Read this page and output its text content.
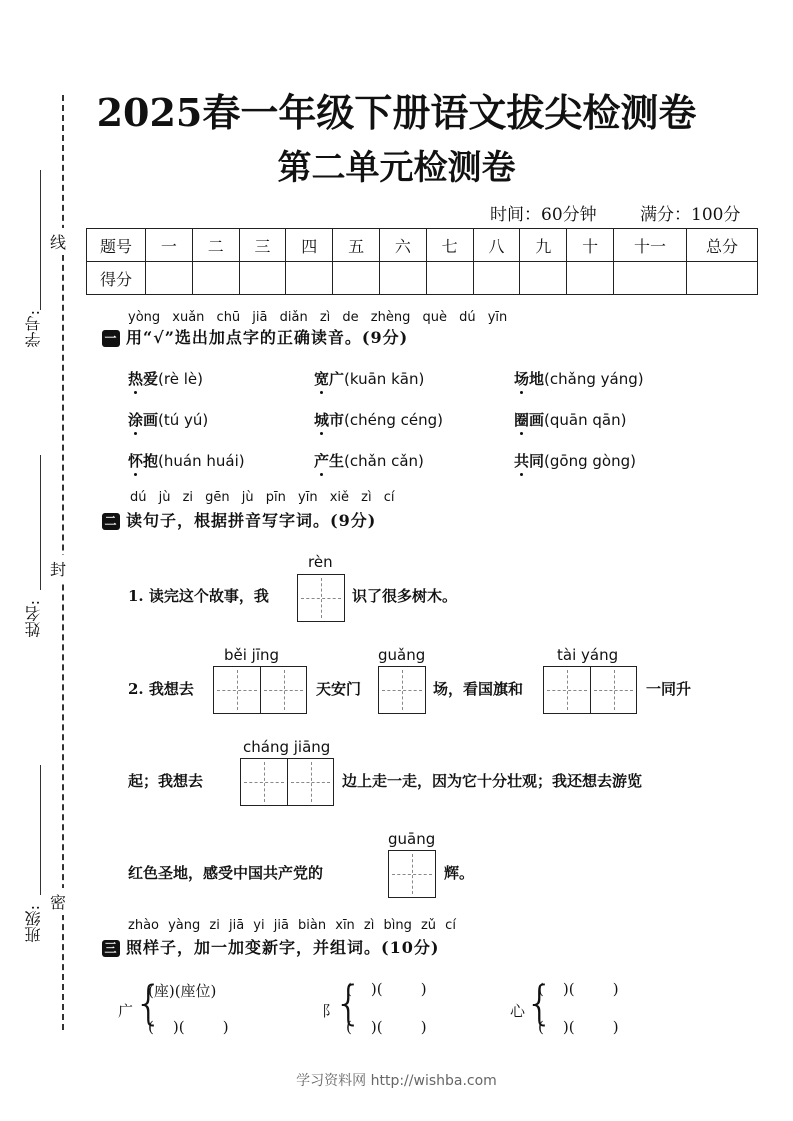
线
封
密
学号:
姓名:
班级:
2025春一年级下册语文拔尖检测卷
第二单元检测卷
时间：60分钟	满分：100分
题号	一	二	三	四	五	六	七	八	九	十	十一	总分
得分												
yòng xuǎn chū jiā diǎn zì de zhèng què dú yīn
一 用“√”选出加点字的正确读音。(9分)
热爱(rè lè)	宽广(kuān kān)	场地(chǎng yáng)
涂画(tú yú)	城市(chéng céng)	圈画(quān qān)
怀抱(huán huái)	产生(chǎn cǎn)	共同(gōng gòng)
dú jù zi gēn jù pīn yīn xiě zì cí
二 读句子，根据拼音写字词。(9分)
1. 读完这个故事，我
rèn
识了很多树木。
2. 我想去
běi jīng
天安门
guǎng
场，看国旗和
tài yáng
一同升
起；我想去
cháng jiāng
边上走一走，因为它十分壮观；我还想去游览
红色圣地，感受中国共产党的
guāng
辉。
zhào yàng zi jiā yi jiā biàn xīn zì bìng zǔ cí
三 照样子，加一加变新字，并组词。(10分)
广 {
(座)(座位)
(    )(        )
阝
{
(    )(        )
(    )(        )
心 {
(    )(        )
(    )(        )
学习资料网 http://wishba.com
